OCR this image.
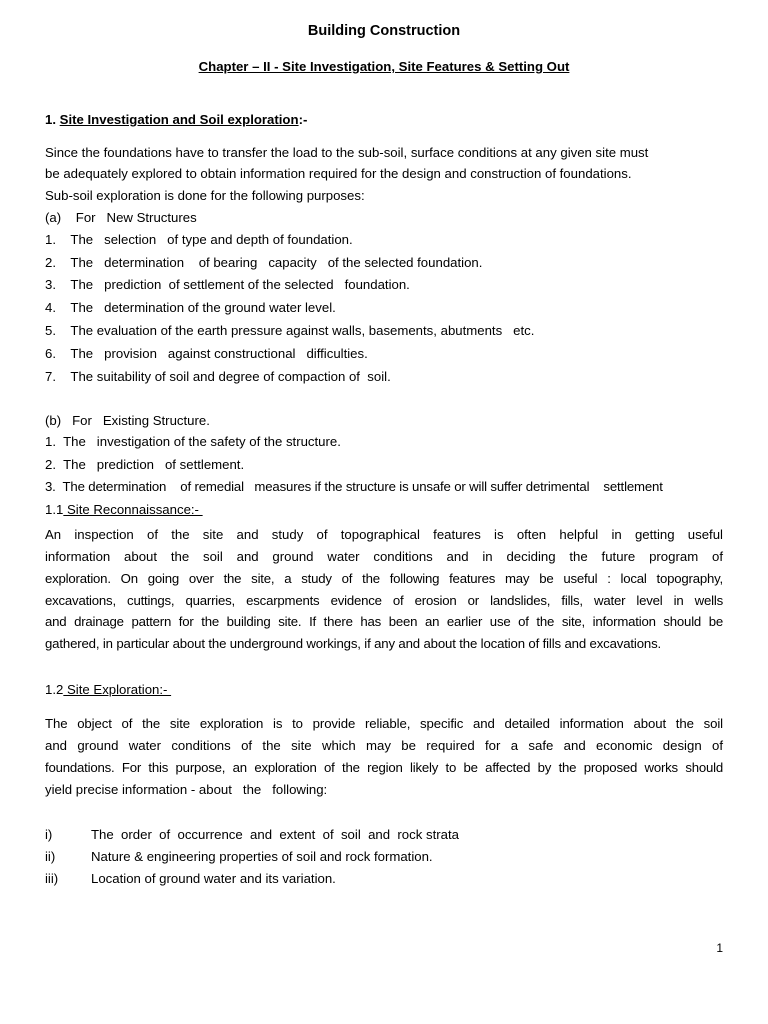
Building Construction
Chapter – II - Site Investigation, Site Features & Setting Out
1. Site Investigation and Soil exploration:-
Since the foundations have to transfer the load to the sub-soil, surface conditions at any given site must
be adequately explored to obtain information required for the design and construction of foundations.
Sub-soil exploration is done for the following purposes:
(a)    For   New Structures
1.    The   selection   of type and depth of foundation.
2.    The   determination    of bearing   capacity   of the selected foundation.
3.    The   prediction  of settlement of the selected   foundation.
4.    The   determination of the ground water level.
5.    The evaluation of the earth pressure against walls, basements, abutments   etc.
6.    The   provision   against constructional   difficulties.
7.    The suitability of soil and degree of compaction of  soil.
(b)   For   Existing Structure.
1.  The   investigation of the safety of the structure.
2.  The   prediction   of settlement.
3.  The determination    of remedial   measures if the structure is unsafe or will suffer detrimental    settlement
1.1 Site Reconnaissance:-
An inspection of the site and study of topographical features is often helpful in getting useful
information about the soil and ground water conditions and in deciding the future program of
exploration. On going over the site, a study of the following features may be useful : local topography,
excavations, cuttings, quarries, escarpments evidence of erosion or landslides, fills, water level in wells
and drainage pattern for the building site. If there has been an earlier use of the site, information should be
gathered, in particular about the underground workings, if any and about the location of fills and excavations.
1.2 Site Exploration:-
The object of the site exploration is to provide reliable, specific and detailed information about the soil
and ground water conditions of the site which may be required for a safe and economic design of
foundations. For this purpose, an exploration of the region likely to be affected by the proposed works should
yield precise information - about   the   following:
i)	The  order  of  occurrence  and  extent  of  soil  and  rock strata
ii)	Nature & engineering properties of soil and rock formation.
iii) Location of ground water and its variation.
1
